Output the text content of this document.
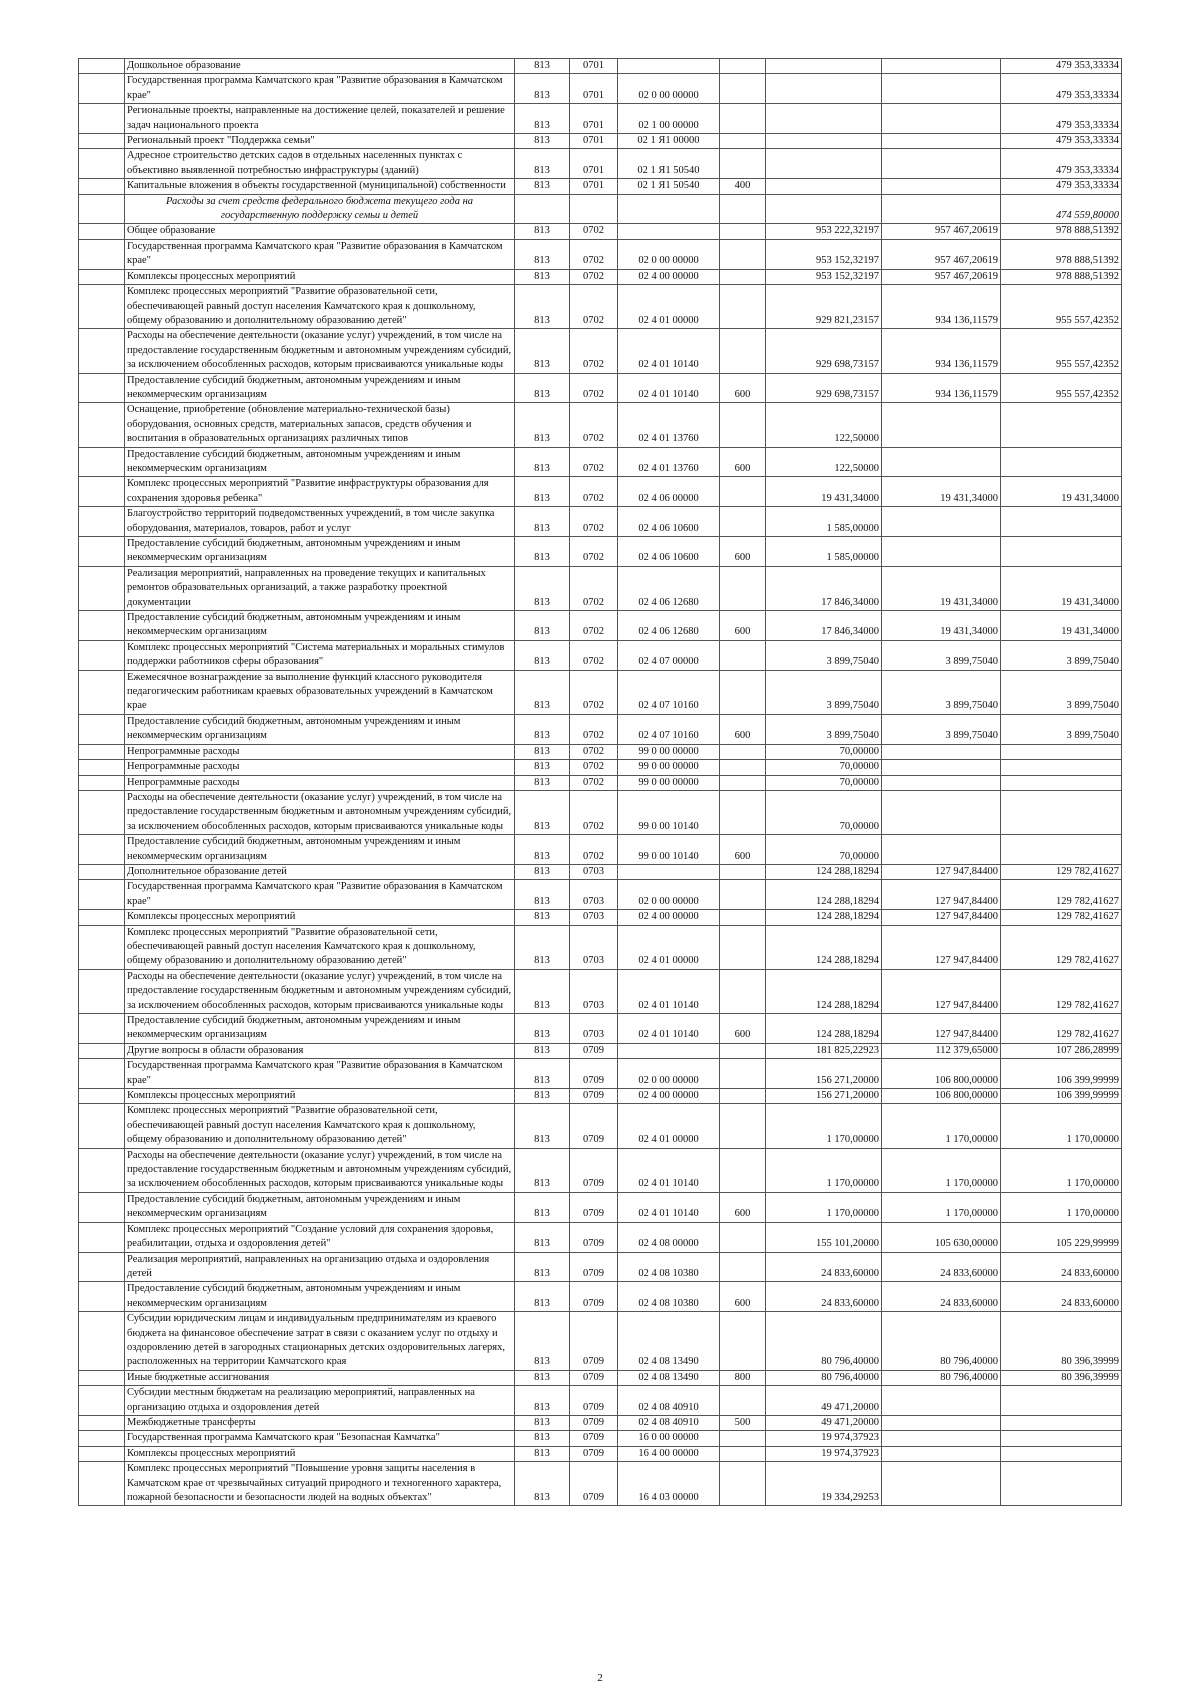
	Дошкольное образование	813	0701					479 353,33334
	Государственная программа Камчатского края "Развитие образования в Камчатском крае"	813	0701	02 0 00 00000				479 353,33334
	Региональные проекты, направленные на достижение целей, показателей и решение задач национального проекта	813	0701	02 1 00 00000				479 353,33334
	Региональный проект "Поддержка семьи"	813	0701	02 1 Я1 00000				479 353,33334
	Адресное строительство детских садов в отдельных населенных пунктах с объективно выявленной потребностью инфраструктуры (зданий)	813	0701	02 1 Я1 50540				479 353,33334
	Капитальные вложения в объекты государственной (муниципальной) собственности	813	0701	02 1 Я1 50540	400			479 353,33334
	Расходы за счет средств федерального бюджета текущего года на государственную поддержку семьи и детей							474 559,80000
	Общее образование	813	0702			953 222,32197	957 467,20619	978 888,51392
	Государственная программа Камчатского края "Развитие образования в Камчатском крае"	813	0702	02 0 00 00000		953 152,32197	957 467,20619	978 888,51392
	Комплексы процессных мероприятий	813	0702	02 4 00 00000		953 152,32197	957 467,20619	978 888,51392
	Комплекс процессных мероприятий "Развитие образовательной сети, обеспечивающей равный доступ населения Камчатского края к дошкольному, общему образованию и дополнительному образованию детей"	813	0702	02 4 01 00000		929 821,23157	934 136,11579	955 557,42352
	Расходы на обеспечение деятельности (оказание услуг) учреждений, в том числе на предоставление государственным бюджетным и автономным учреждениям субсидий, за исключением обособленных расходов, которым присваиваются уникальные коды	813	0702	02 4 01 10140		929 698,73157	934 136,11579	955 557,42352
	Предоставление субсидий бюджетным, автономным учреждениям и иным некоммерческим организациям	813	0702	02 4 01 10140	600	929 698,73157	934 136,11579	955 557,42352
	Оснащение, приобретение (обновление материально-технической базы) оборудования, основных средств, материальных запасов, средств обучения и воспитания в образовательных организациях различных типов	813	0702	02 4 01 13760		122,50000		
	Предоставление субсидий бюджетным, автономным учреждениям и иным некоммерческим организациям	813	0702	02 4 01 13760	600	122,50000		
	Комплекс процессных мероприятий "Развитие инфраструктуры образования для сохранения здоровья ребенка"	813	0702	02 4 06 00000		19 431,34000	19 431,34000	19 431,34000
	Благоустройство территорий подведомственных учреждений, в том числе закупка оборудования, материалов, товаров, работ и услуг	813	0702	02 4 06 10600		1 585,00000		
	Предоставление субсидий бюджетным, автономным учреждениям и иным некоммерческим организациям	813	0702	02 4 06 10600	600	1 585,00000		
	Реализация мероприятий, направленных на проведение текущих и капитальных ремонтов образовательных организаций, а также разработку проектной документации	813	0702	02 4 06 12680		17 846,34000	19 431,34000	19 431,34000
	Предоставление субсидий бюджетным, автономным учреждениям и иным некоммерческим организациям	813	0702	02 4 06 12680	600	17 846,34000	19 431,34000	19 431,34000
	Комплекс процессных мероприятий "Система материальных и моральных стимулов поддержки работников сферы образования"	813	0702	02 4 07 00000		3 899,75040	3 899,75040	3 899,75040
	Ежемесячное вознаграждение за выполнение функций классного руководителя педагогическим работникам краевых образовательных учреждений в Камчатском крае	813	0702	02 4 07 10160		3 899,75040	3 899,75040	3 899,75040
	Предоставление субсидий бюджетным, автономным учреждениям и иным некоммерческим организациям	813	0702	02 4 07 10160	600	3 899,75040	3 899,75040	3 899,75040
	Непрограммные расходы	813	0702	99 0 00 00000		70,00000		
	Непрограммные расходы	813	0702	99 0 00 00000		70,00000		
	Непрограммные расходы	813	0702	99 0 00 00000		70,00000		
	Расходы на обеспечение деятельности (оказание услуг) учреждений, в том числе на предоставление государственным бюджетным и автономным учреждениям субсидий, за исключением обособленных расходов, которым присваиваются уникальные коды	813	0702	99 0 00 10140		70,00000		
	Предоставление субсидий бюджетным, автономным учреждениям и иным некоммерческим организациям	813	0702	99 0 00 10140	600	70,00000		
	Дополнительное образование детей	813	0703			124 288,18294	127 947,84400	129 782,41627
	Государственная программа Камчатского края "Развитие образования в Камчатском крае"	813	0703	02 0 00 00000		124 288,18294	127 947,84400	129 782,41627
	Комплексы процессных мероприятий	813	0703	02 4 00 00000		124 288,18294	127 947,84400	129 782,41627
	Комплекс процессных мероприятий "Развитие образовательной сети, обеспечивающей равный доступ населения Камчатского края к дошкольному, общему образованию и дополнительному образованию детей"	813	0703	02 4 01 00000		124 288,18294	127 947,84400	129 782,41627
	Расходы на обеспечение деятельности (оказание услуг) учреждений, в том числе на предоставление государственным бюджетным и автономным учреждениям субсидий, за исключением обособленных расходов, которым присваиваются уникальные коды	813	0703	02 4 01 10140		124 288,18294	127 947,84400	129 782,41627
	Предоставление субсидий бюджетным, автономным учреждениям и иным некоммерческим организациям	813	0703	02 4 01 10140	600	124 288,18294	127 947,84400	129 782,41627
	Другие вопросы в области образования	813	0709			181 825,22923	112 379,65000	107 286,28999
	Государственная программа Камчатского края "Развитие образования в Камчатском крае"	813	0709	02 0 00 00000		156 271,20000	106 800,00000	106 399,99999
	Комплексы процессных мероприятий	813	0709	02 4 00 00000		156 271,20000	106 800,00000	106 399,99999
	Комплекс процессных мероприятий "Развитие образовательной сети, обеспечивающей равный доступ населения Камчатского края к дошкольному, общему образованию и дополнительному образованию детей"	813	0709	02 4 01 00000		1 170,00000	1 170,00000	1 170,00000
	Расходы на обеспечение деятельности (оказание услуг) учреждений, в том числе на предоставление государственным бюджетным и автономным учреждениям субсидий, за исключением обособленных расходов, которым присваиваются уникальные коды	813	0709	02 4 01 10140		1 170,00000	1 170,00000	1 170,00000
	Предоставление субсидий бюджетным, автономным учреждениям и иным некоммерческим организациям	813	0709	02 4 01 10140	600	1 170,00000	1 170,00000	1 170,00000
	Комплекс процессных мероприятий "Создание условий для сохранения здоровья, реабилитации, отдыха и оздоровления детей"	813	0709	02 4 08 00000		155 101,20000	105 630,00000	105 229,99999
	Реализация мероприятий, направленных на организацию отдыха и оздоровления детей	813	0709	02 4 08 10380		24 833,60000	24 833,60000	24 833,60000
	Предоставление субсидий бюджетным, автономным учреждениям и иным некоммерческим организациям	813	0709	02 4 08 10380	600	24 833,60000	24 833,60000	24 833,60000
	Субсидии юридическим лицам и индивидуальным предпринимателям из краевого бюджета на финансовое обеспечение затрат в связи с оказанием услуг по отдыху и оздоровлению детей в загородных стационарных детских оздоровительных лагерях, расположенных на территории Камчатского края	813	0709	02 4 08 13490		80 796,40000	80 796,40000	80 396,39999
	Иные бюджетные ассигнования	813	0709	02 4 08 13490	800	80 796,40000	80 796,40000	80 396,39999
	Субсидии местным бюджетам на реализацию мероприятий, направленных на организацию отдыха и оздоровления детей	813	0709	02 4 08 40910		49 471,20000		
	Межбюджетные трансферты	813	0709	02 4 08 40910	500	49 471,20000		
	Государственная программа Камчатского края "Безопасная Камчатка"	813	0709	16 0 00 00000		19 974,37923		
	Комплексы процессных мероприятий	813	0709	16 4 00 00000		19 974,37923		
	Комплекс процессных мероприятий "Повышение уровня защиты населения в Камчатском крае от чрезвычайных ситуаций природного и техногенного характера, пожарной безопасности и безопасности людей на водных объектах"	813	0709	16 4 03 00000		19 334,29253		
2
